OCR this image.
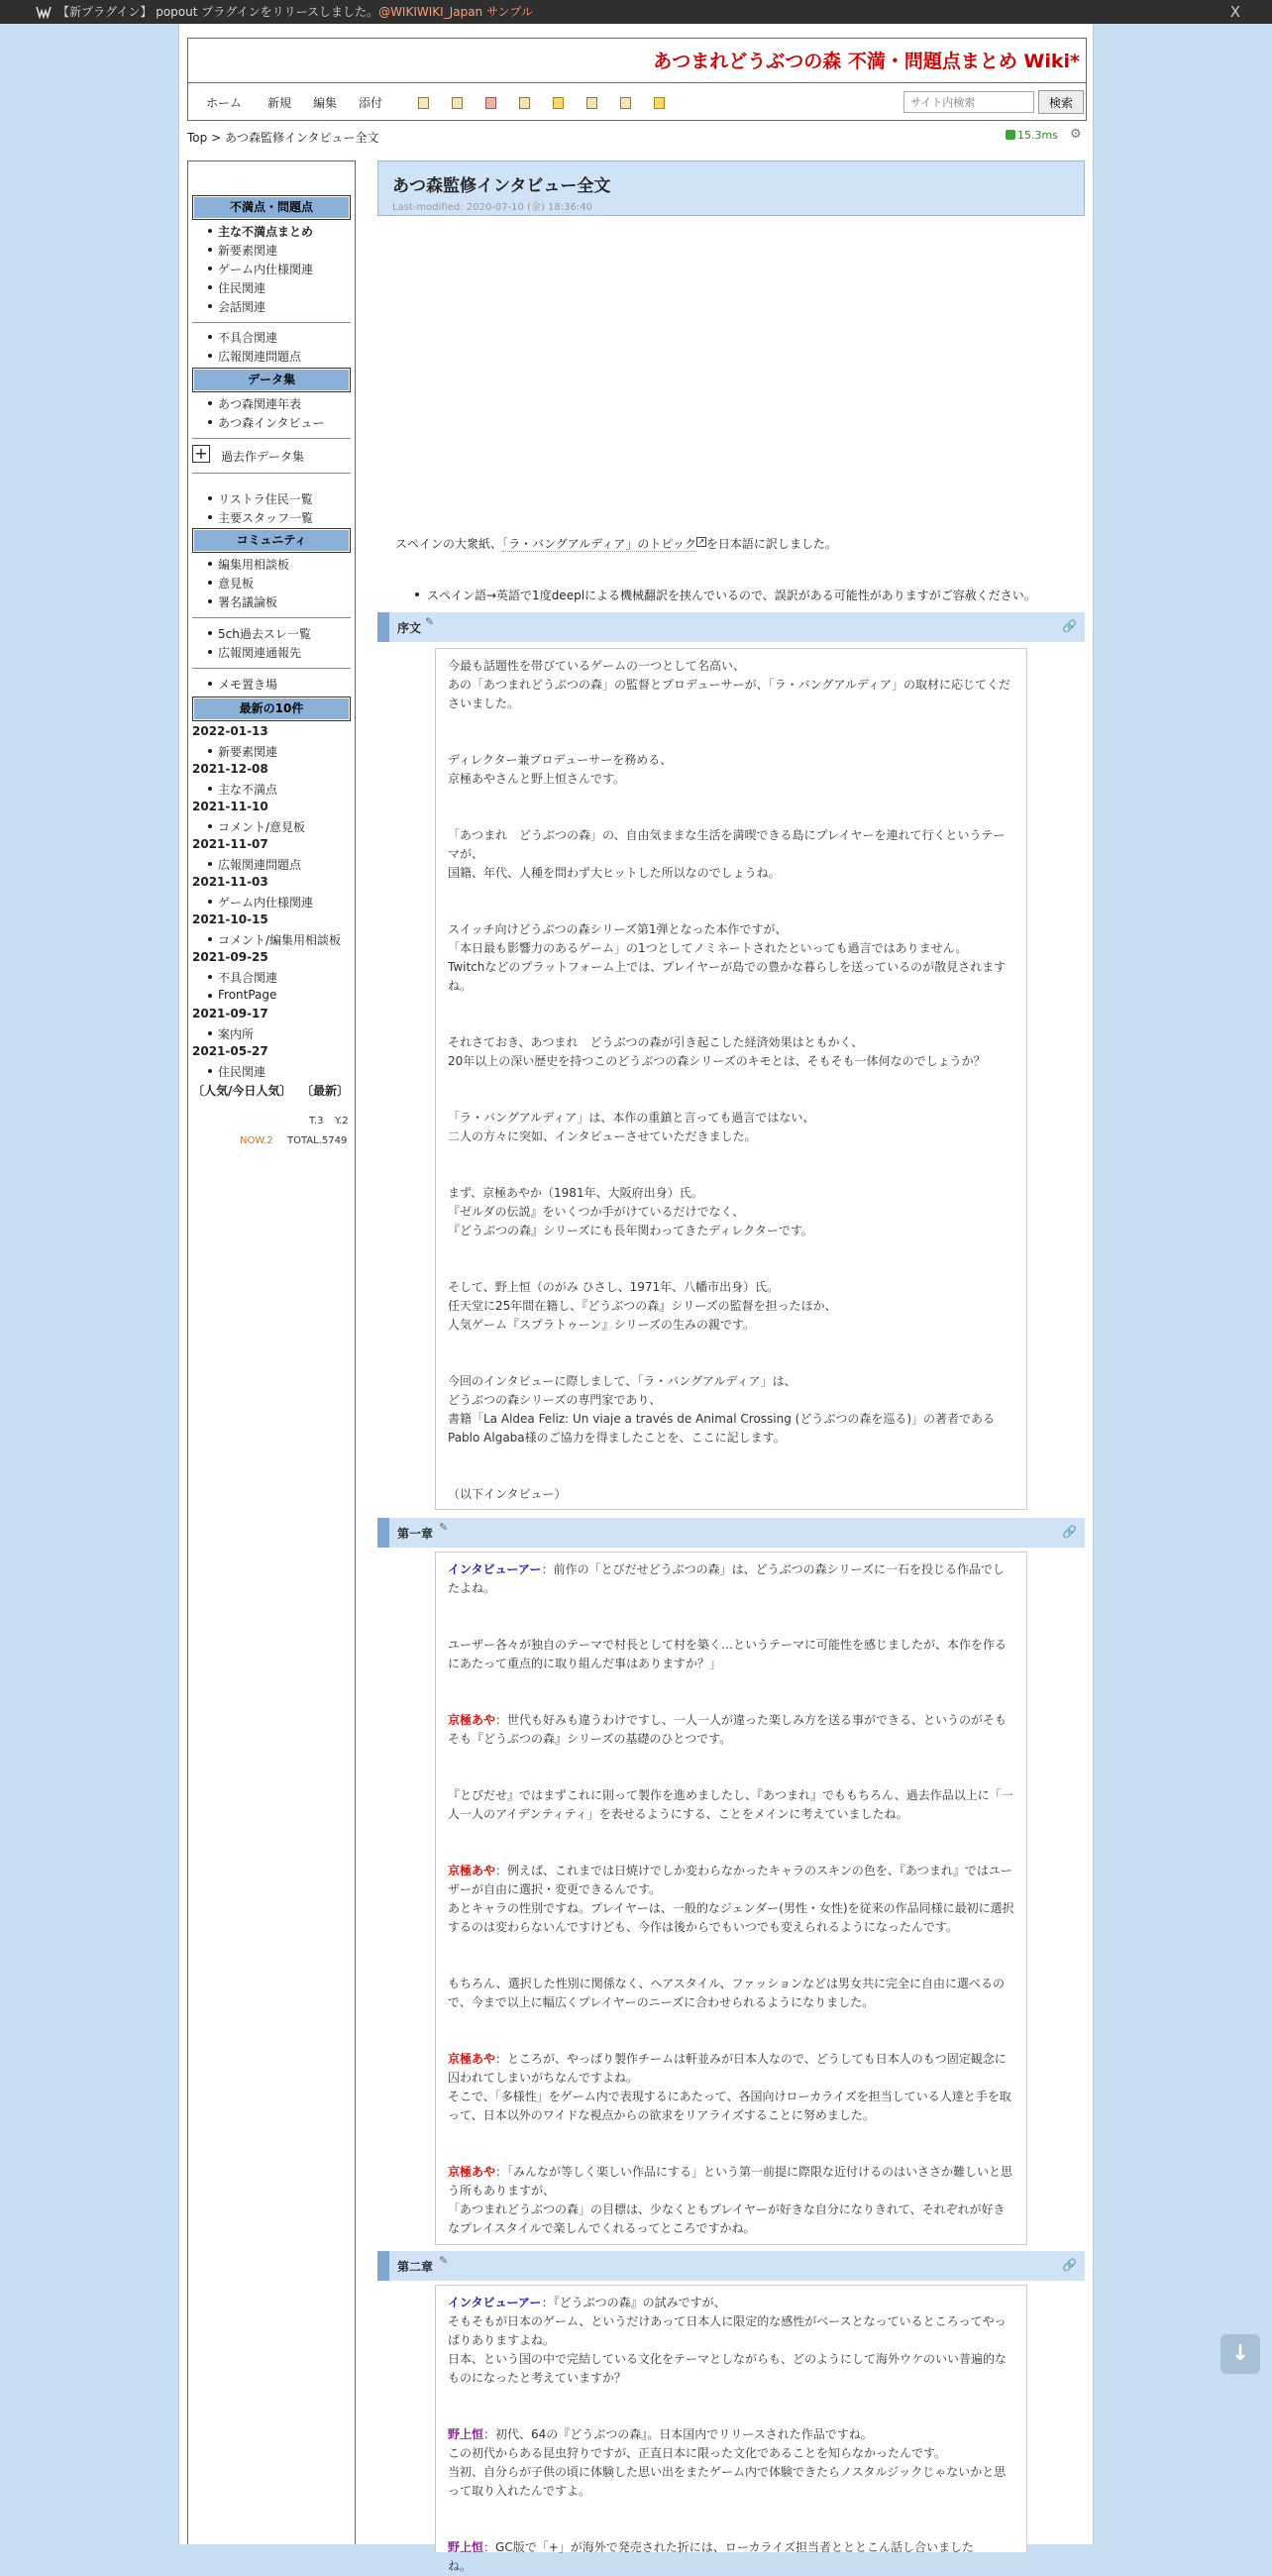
【新プラグイン】 popout プラグインをリリースしました。@WIKIWIKI_Japan サンプル	X
あつまれどうぶつの森 不満・問題点まとめ Wiki*
ホーム 新規 編集 添付
サイト内検索	検索
Top > あつ森監修インタビュー全文	15.3ms ⚙
不満点・問題点
主な不満点まとめ
新要素関連
ゲーム内仕様関連
住民関連
会話関連
不具合関連
広報関連問題点
データ集
あつ森関連年表
あつ森インタビュー
+ 過去作データ集
リストラ住民一覧
主要スタッフ一覧
コミュニティ
編集用相談板
意見板
署名議論板
5ch過去スレ一覧
広報関連通報先
メモ置き場
最新の10件
2022-01-13
新要素関連
2021-12-08
主な不満点
2021-11-10
コメント/意見板
2021-11-07
広報関連問題点
2021-11-03
ゲーム内仕様関連
2021-10-15
コメント/編集用相談板
2021-09-25
不具合関連
FrontPage
2021-09-17
案内所
2021-05-27
住民関連
〔人気/今日人気〕 〔最新〕
T.3 Y.2
NOW.2 TOTAL.5749
あつ森監修インタビュー全文
Last-modified: 2020-07-10 (金) 18:36:40
スペインの大衆紙、「ラ・バングアルディア」のトピック ↗ を日本語に訳しました。
スペイン語→英語で1度deeplによる機械翻訳を挟んでいるので、誤訳がある可能性がありますがご容赦ください。
序文 ✎	🔗

今最も話題性を帯びているゲームの一つとして名高い、
あの「あつまれどうぶつの森」の監督とプロデューサーが、「ラ・バングアルディア」の取材に応じてくださいました。

ディレクター兼プロデューサーを務める、
京極あやさんと野上恒さんです。

「あつまれ　どうぶつの森」の、自由気ままな生活を満喫できる島にプレイヤーを連れて行くというテーマが、
国籍、年代、人種を問わず大ヒットした所以なのでしょうね。

スイッチ向けどうぶつの森シリーズ第1弾となった本作ですが、
「本日最も影響力のあるゲーム」の1つとしてノミネートされたといっても過言ではありません。
Twitchなどのプラットフォーム上では、プレイヤーが島での豊かな暮らしを送っているのが散見されますね。

それさておき、あつまれ　どうぶつの森が引き起こした経済効果はともかく、
20年以上の深い歴史を持つこのどうぶつの森シリーズのキモとは、そもそも一体何なのでしょうか？

「ラ・バングアルディア」は、本作の重鎮と言っても過言ではない、
二人の方々に突如、インタビューさせていただきました。

まず、京極あやか（1981年、大阪府出身）氏。
『ゼルダの伝説』をいくつか手がけているだけでなく、
『どうぶつの森』シリーズにも長年関わってきたディレクターです。

そして、野上恒（のがみ ひさし、1971年、八幡市出身）氏。
任天堂に25年間在籍し、『どうぶつの森』シリーズの監督を担ったほか、
人気ゲーム『スプラトゥーン』シリーズの生みの親です。

今回のインタビューに際しまして、「ラ・バングアルディア」は、
どうぶつの森シリーズの専門家であり、
書籍「La Aldea Feliz: Un viaje a través de Animal Crossing (どうぶつの森を巡る)」の著者である Pablo Algaba様のご協力を得ましたことを、ここに記します。

（以下インタビュー）

第一章 ✎	🔗

インタビューアー：前作の「とびだせどうぶつの森」は、どうぶつの森シリーズに一石を投じる作品でしたよね。

ユーザー各々が独自のテーマで村長として村を築く…というテーマに可能性を感じましたが、本作を作るにあたって重点的に取り組んだ事はありますか？」

京極あや：世代も好みも違うわけですし、一人一人が違った楽しみ方を送る事ができる、というのがそもそも『どうぶつの森』シリーズの基礎のひとつです。

『とびだせ』ではまずこれに則って製作を進めましたし、『あつまれ』でももちろん、過去作品以上に「一人一人のアイデンティティ」を表せるようにする、ことをメインに考えていましたね。

京極あや：例えば、これまでは日焼けでしか変わらなかったキャラのスキンの色を、『あつまれ』ではユーザーが自由に選択・変更できるんです。
あとキャラの性別ですね。プレイヤーは、一般的なジェンダー(男性・女性)を従来の作品同様に最初に選択するのは変わらないんですけども、今作は後からでもいつでも変えられるようになったんです。

もちろん、選択した性別に関係なく、ヘアスタイル、ファッションなどは男女共に完全に自由に選べるので、今まで以上に幅広くプレイヤーのニーズに合わせられるようになりました。

京極あや：ところが、やっぱり製作チームは軒並みが日本人なので、どうしても日本人のもつ固定観念に囚われてしまいがちなんですよね。
そこで、「多様性」をゲーム内で表現するにあたって、各国向けローカライズを担当している人達と手を取って、日本以外のワイドな視点からの欲求をリアライズすることに努めました。

京極あや：「みんなが等しく楽しい作品にする」という第一前提に際限な近付けるのはいささか難しいと思う所もありますが、
「あつまれどうぶつの森」の目標は、少なくともプレイヤーが好きな自分になりきれて、それぞれが好きなプレイスタイルで楽しんでくれるってところですかね。

第二章 ✎	🔗

インタビューアー：『どうぶつの森』の試みですが、
そもそもが日本のゲーム、というだけあって日本人に限定的な感性がベースとなっているところってやっぱりありますよね。
日本、という国の中で完結している文化をテーマとしながらも、どのようにして海外ウケのいい普遍的なものになったと考えていますか？

野上恒：初代、64の『どうぶつの森』。日本国内でリリースされた作品ですね。
この初代からある昆虫狩りですが、正直日本に限った文化であることを知らなかったんです。
当初、自分らが子供の頃に体験した思い出をまたゲーム内で体験できたらノスタルジックじゃないかと思って取り入れたんですよ。

野上恒：GC版で「+」が海外で発売された折には、ローカライズ担当者とととこん話し合いました
ね。

↓
